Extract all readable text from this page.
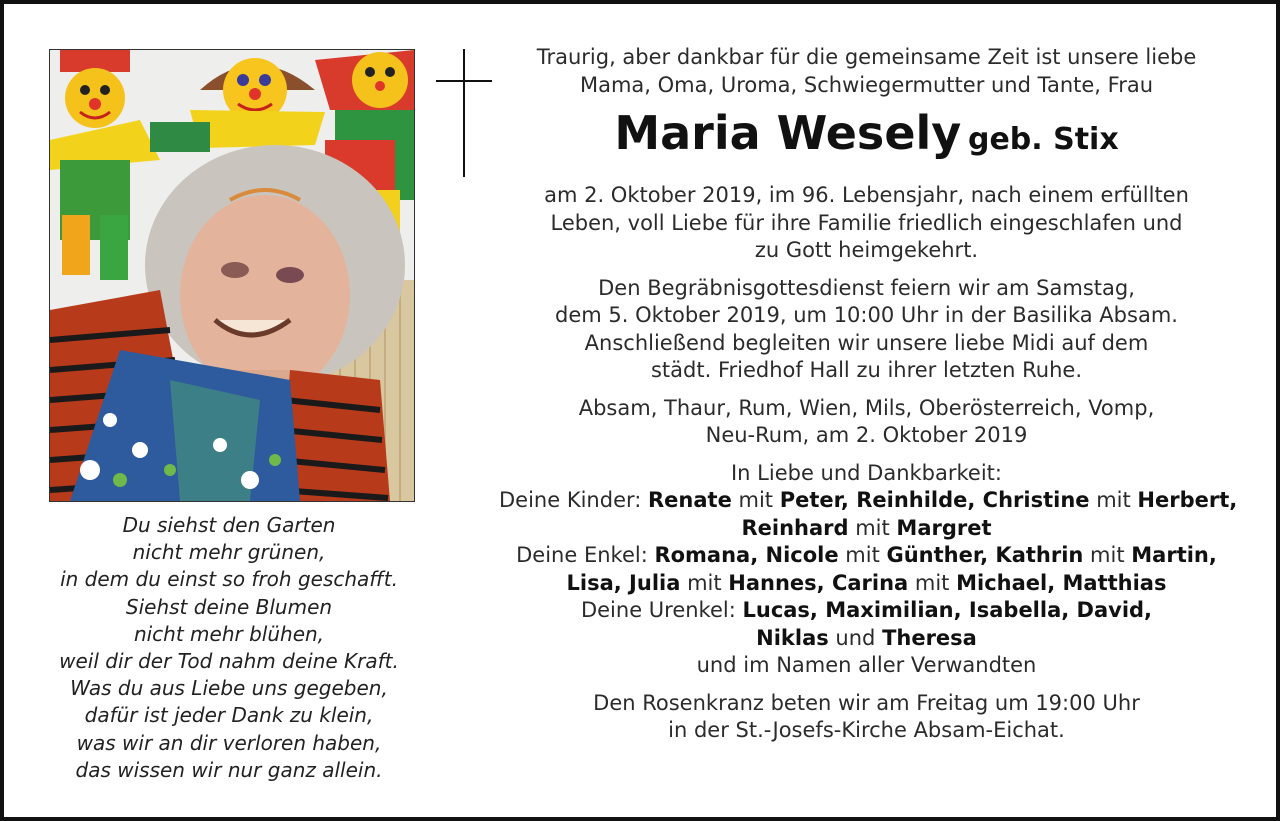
Du siehst den Garten
nicht mehr grünen,
in dem du einst so froh geschafft.
Siehst deine Blumen
nicht mehr blühen,
weil dir der Tod nahm deine Kraft.
Was du aus Liebe uns gegeben,
dafür ist jeder Dank zu klein,
was wir an dir verloren haben,
das wissen wir nur ganz allein.
Traurig, aber dankbar für die gemeinsame Zeit ist unsere liebe
Mama, Oma, Uroma, Schwiegermutter und Tante, Frau
Maria Wesely geb. Stix
am 2. Oktober 2019, im 96. Lebensjahr, nach einem erfüllten
Leben, voll Liebe für ihre Familie friedlich eingeschlafen und
zu Gott heimgekehrt.
Den Begräbnisgottesdienst feiern wir am Samstag,
dem 5. Oktober 2019, um 10:00 Uhr in der Basilika Absam.
Anschließend begleiten wir unsere liebe Midi auf dem
städt. Friedhof Hall zu ihrer letzten Ruhe.
Absam, Thaur, Rum, Wien, Mils, Oberösterreich, Vomp,
Neu-Rum, am 2. Oktober 2019
In Liebe und Dankbarkeit:
Deine Kinder: Renate mit Peter, Reinhilde, Christine mit Herbert,
Reinhard mit Margret
Deine Enkel: Romana, Nicole mit Günther, Kathrin mit Martin,
Lisa, Julia mit Hannes, Carina mit Michael, Matthias
Deine Urenkel: Lucas, Maximilian, Isabella, David,
Niklas und Theresa
und im Namen aller Verwandten
Den Rosenkranz beten wir am Freitag um 19:00 Uhr
in der St.-Josefs-Kirche Absam-Eichat.
